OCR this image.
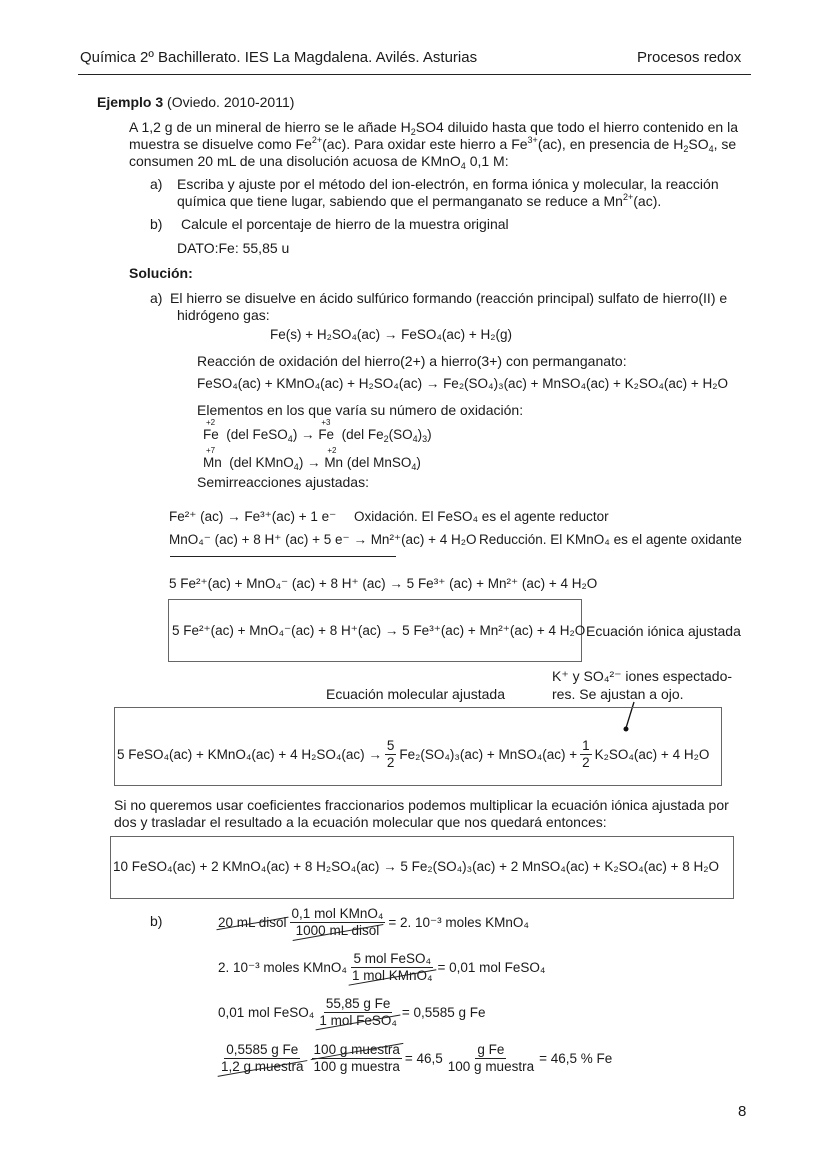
Química 2º Bachillerato. IES La Magdalena. Avilés. Asturias	Procesos redox
Ejemplo 3 (Oviedo. 2010-2011)
A 1,2 g de un mineral de hierro se le añade $H_2SO4$ diluido hasta que todo el hierro contenido en la
muestra se disuelve como $Fe^{2+}(ac)$. Para oxidar este hierro a $Fe^{3+}(ac)$, en presencia de $H_2SO_4$, se
consumen 20 mL de una disolución acuosa de KMnO$_4$ 0,1 M:
a) Escriba y ajuste por el método del ion-electrón, en forma iónica y molecular, la reacción
química que tiene lugar, sabiendo que el permanganato se reduce a $Mn^{2+}(ac)$.
b) Calcule el porcentaje de hierro de la muestra original
DATO:Fe: 55,85 u
Solución:
a) El hierro se disuelve en ácido sulfúrico formando (reacción principal) sulfato de hierro(II) e
hidrógeno gas:
Fe(s) + H₂SO₄(ac) → FeSO₄(ac) + H₂(g)
Reacción de oxidación del hierro(2+) a hierro(3+) con permanganato:
FeSO₄(ac) + KMnO₄(ac) + H₂SO₄(ac) → Fe₂(SO₄)₃(ac) + MnSO₄(ac) + K₂SO₄(ac) + H₂O
Elementos en los que varía su número de oxidación:
Fe
+2
(del FeSO$_4$) → Fe
+3
(del $Fe_2(SO_4)_3$)
Mn
+7
(del KMnO$_4$) → Mn
+2
(del MnSO$_4$)
Semirreacciones ajustadas:
Fe²⁺ (ac) → Fe³⁺(ac) + 1 e⁻ Oxidación. El FeSO₄ es el agente reductor
MnO₄⁻ (ac) + 8 H⁺ (ac) + 5 e⁻ → Mn²⁺(ac) + 4 H₂O Reducción. El KMnO₄ es el agente oxidante
5 Fe²⁺(ac) + MnO₄⁻ (ac) + 8 H⁺ (ac) → 5 Fe³⁺ (ac) + Mn²⁺ (ac) + 4 H₂O
5 Fe²⁺(ac) + MnO₄⁻(ac) + 8 H⁺(ac) → 5 Fe³⁺(ac) + Mn²⁺(ac) + 4 H₂O Ecuación iónica ajustada
K⁺ y SO₄²⁻ iones espectado-
Ecuación molecular ajustada	res. Se ajustan a ojo.
5 FeSO₄(ac) + KMnO₄(ac) + 4 $H_2SO_4(ac) \to \frac{5}{2} Fe_2(SO_4)_3(ac)$ + MnSO₄(ac) + $\frac{1}{2} K_2SO_4(ac) + 4$ H₂O
Si no queremos usar coeficientes fraccionarios podemos multiplicar la ecuación iónica ajustada por
dos y trasladar el resultado a la ecuación molecular que nos quedará entonces:
10 FeSO₄(ac) + 2 KMnO₄(ac) + 8 H₂SO₄(ac) → 5 Fe₂(SO₄)₃(ac) + 2 MnSO₄(ac) + K₂SO₄(ac) + 8 H₂O
b)	20 mL disol $\frac{\text{0,1 mol KMnO₄}}{\text{1000 mL disol}} = 2$. 10⁻³ moles KMnO₄
2. 10⁻³ moles KMnO₄ $\frac{\text{5 mol FeSO₄}}{\text{1 mol KMnO₄}} = 0,01$ mol FeSO₄
0,01 mol FeSO₄ $\frac{\text{55,85 g Fe}}{\text{1 mol FeSO₄}} = 0,5585$ g Fe
$\frac{\text{0,5585 g Fe}}{\text{1,2 g muestra}} \frac{\text{100 g muestra}}{\text{100 g muestra}} = 46,5 \frac{\text{g Fe}}{\text{100 g muestra}} = 46,5$ % Fe
8
